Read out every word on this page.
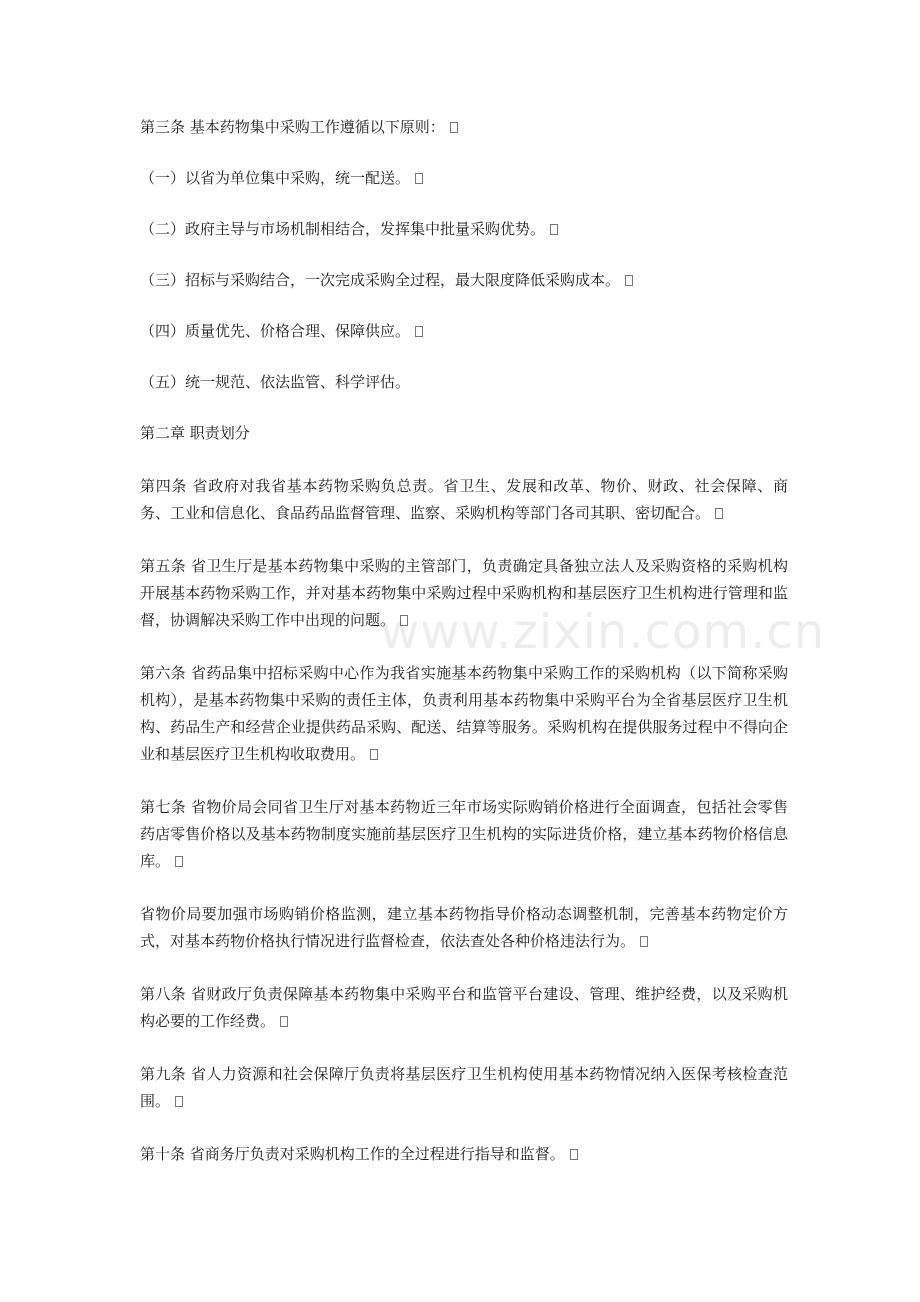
第三条 基本药物集中采购工作遵循以下原则：

（一）以省为单位集中采购，统一配送。

（二）政府主导与市场机制相结合，发挥集中批量采购优势。

（三）招标与采购结合，一次完成采购全过程，最大限度降低采购成本。

（四）质量优先、价格合理、保障供应。

（五）统一规范、依法监管、科学评估。

第二章 职责划分

第四条 省政府对我省基本药物采购负总责。省卫生、发展和改革、物价、财政、社会保障、商务、工业和信息化、食品药品监督管理、监察、采购机构等部门各司其职、密切配合。

第五条 省卫生厅是基本药物集中采购的主管部门，负责确定具备独立法人及采购资格的采购机构开展基本药物采购工作，并对基本药物集中采购过程中采购机构和基层医疗卫生机构进行管理和监督，协调解决采购工作中出现的问题。

第六条 省药品集中招标采购中心作为我省实施基本药物集中采购工作的采购机构（以下简称采购机构），是基本药物集中采购的责任主体，负责利用基本药物集中采购平台为全省基层医疗卫生机构、药品生产和经营企业提供药品采购、配送、结算等服务。采购机构在提供服务过程中不得向企业和基层医疗卫生机构收取费用。

第七条 省物价局会同省卫生厅对基本药物近三年市场实际购销价格进行全面调查，包括社会零售药店零售价格以及基本药物制度实施前基层医疗卫生机构的实际进货价格，建立基本药物价格信息库。

省物价局要加强市场购销价格监测，建立基本药物指导价格动态调整机制，完善基本药物定价方式，对基本药物价格执行情况进行监督检查，依法查处各种价格违法行为。

第八条 省财政厅负责保障基本药物集中采购平台和监管平台建设、管理、维护经费，以及采购机构必要的工作经费。

第九条 省人力资源和社会保障厅负责将基层医疗卫生机构使用基本药物情况纳入医保考核检查范围。

第十条 省商务厅负责对采购机构工作的全过程进行指导和监督。

www.zixin.com.cn
